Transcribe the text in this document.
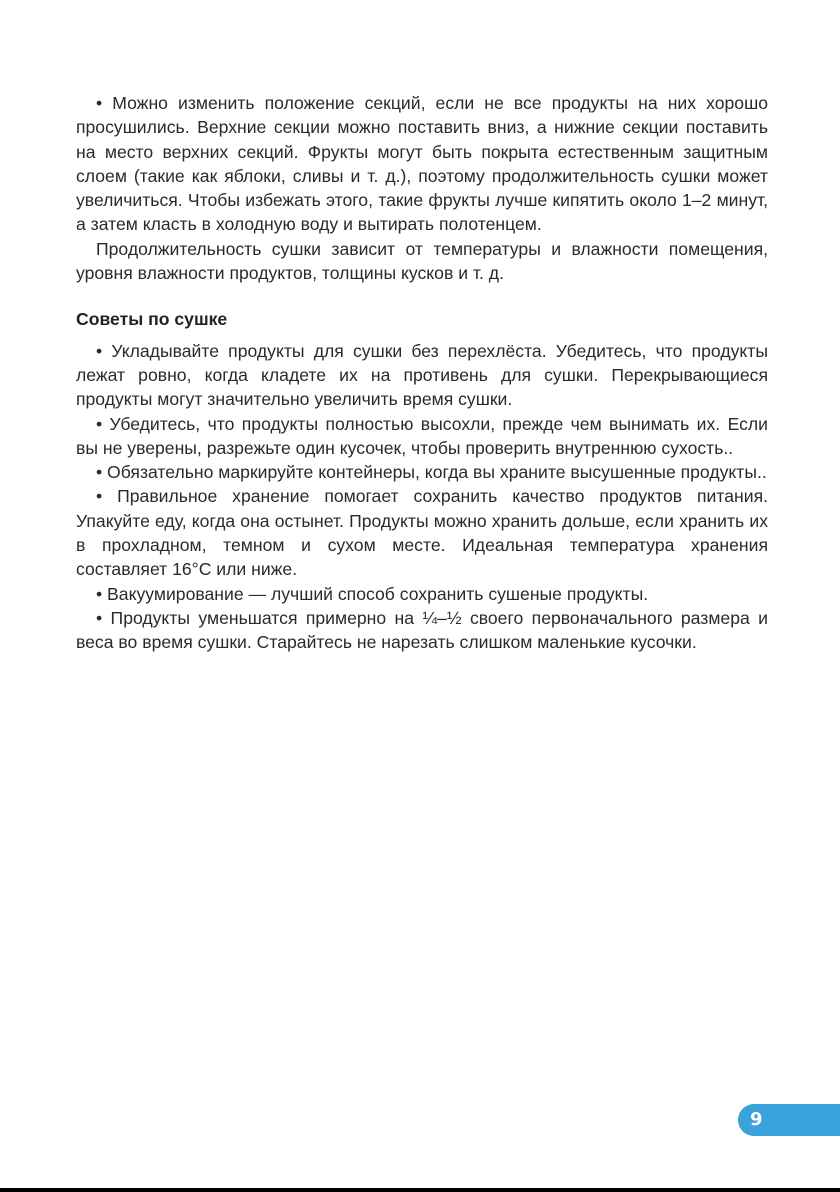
• Можно изменить положение секций, если не все продукты на них хорошо просушились. Верхние секции можно поставить вниз, а нижние секции поставить на место верхних секций. Фрукты могут быть покрыта естественным защитным слоем (такие как яблоки, сливы и т. д.), поэтому продолжительность сушки может увеличиться. Чтобы избежать этого, такие фрукты лучше кипятить около 1–2 минут, а затем класть в холодную воду и вытирать полотенцем.

Продолжительность сушки зависит от температуры и влажности помещения, уровня влажности продуктов, толщины кусков и т. д.

Советы по сушке

• Укладывайте продукты для сушки без перехлёста. Убедитесь, что продукты лежат ровно, когда кладете их на противень для сушки. Перекрывающиеся продукты могут значительно увеличить время сушки.

• Убедитесь, что продукты полностью высохли, прежде чем вынимать их. Если вы не уверены, разрежьте один кусочек, чтобы проверить внутреннюю сухость..

• Обязательно маркируйте контейнеры, когда вы храните высушенные продукты..

• Правильное хранение помогает сохранить качество продуктов питания. Упакуйте еду, когда она остынет. Продукты можно хранить дольше, если хранить их в прохладном, темном и сухом месте. Идеальная температура хранения составляет 16°C или ниже.

• Вакуумирование — лучший способ сохранить сушеные продукты.

• Продукты уменьшатся примерно на ¼–½ своего первоначального размера и веса во время сушки. Старайтесь не нарезать слишком маленькие кусочки.

9
